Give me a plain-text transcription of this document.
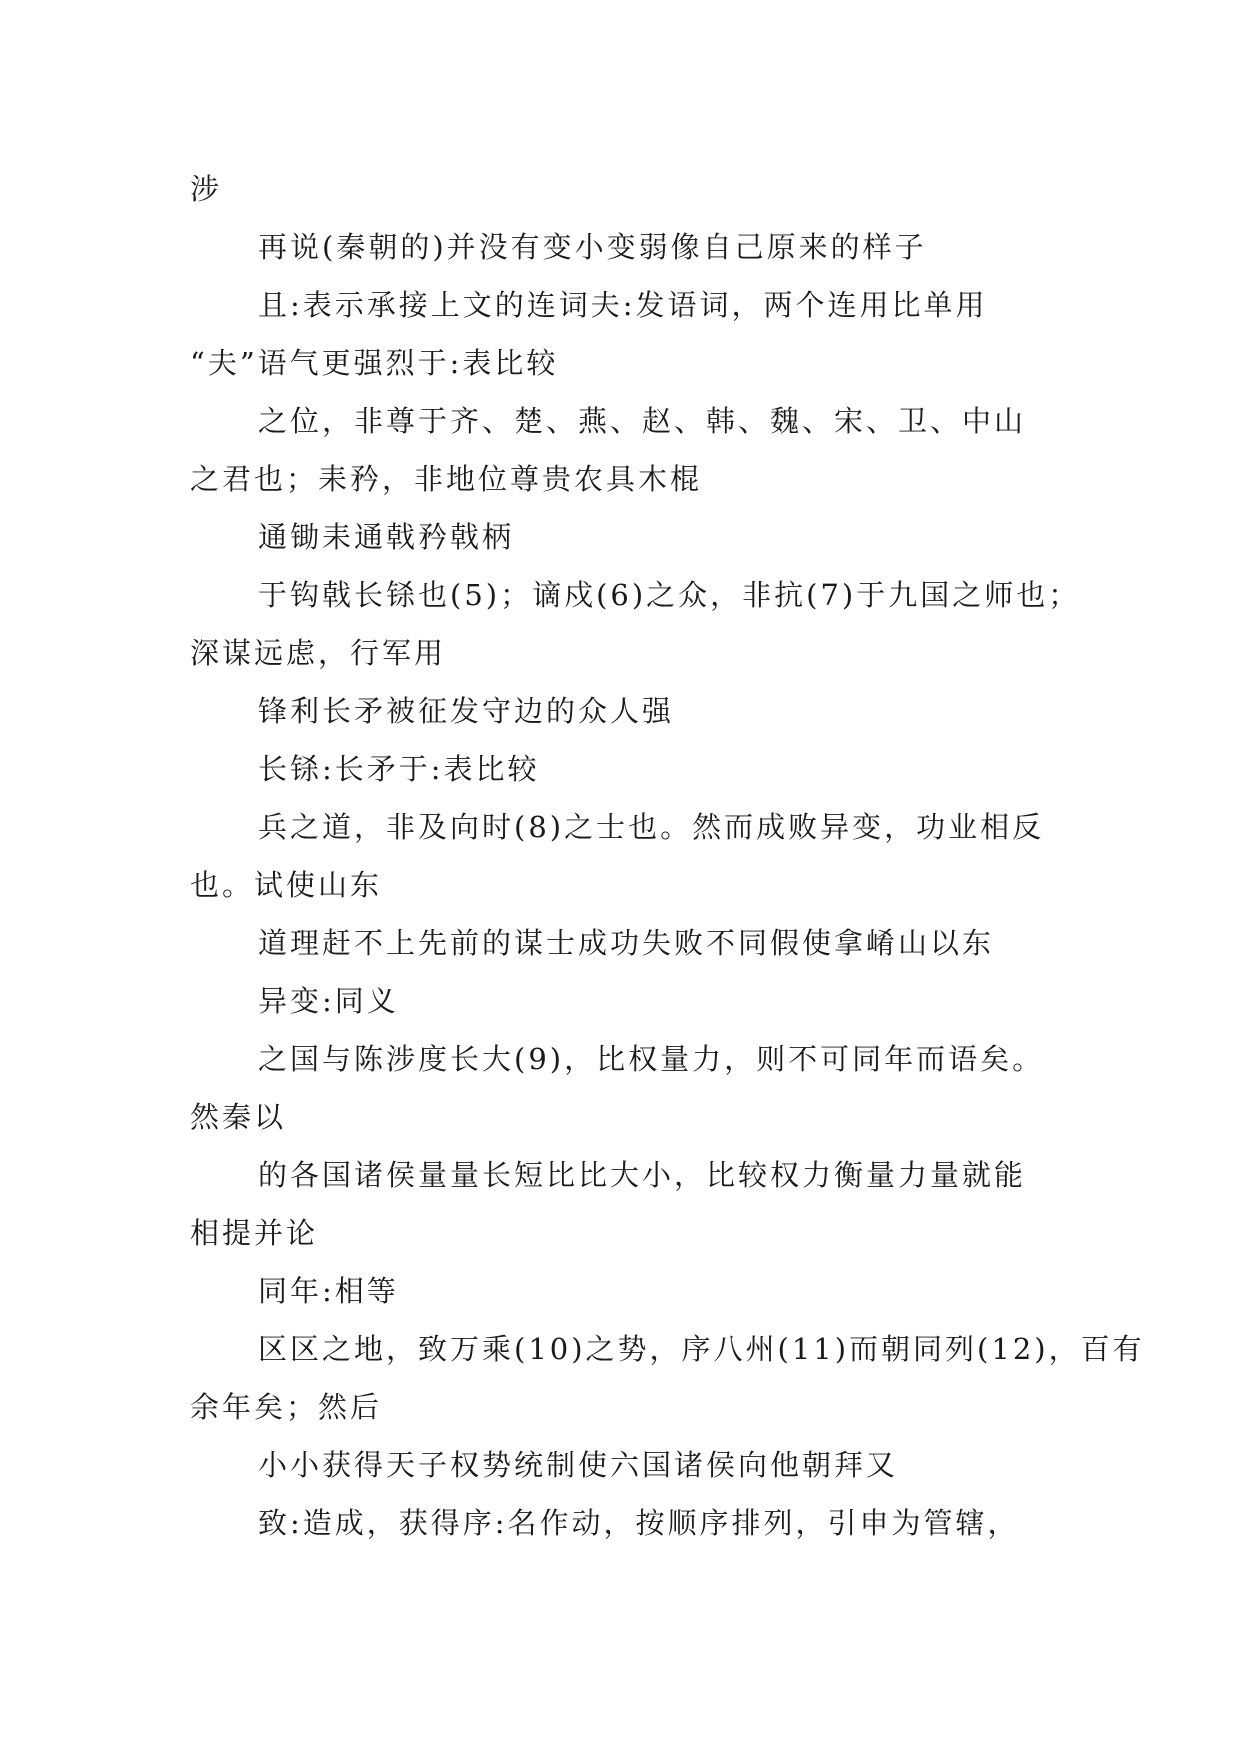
涉

再说(秦朝的)并没有变小变弱像自己原来的样子

且:表示承接上文的连词夫:发语词，两个连用比单用

“夫”语气更强烈于:表比较

之位，非尊于齐、楚、燕、赵、韩、魏、宋、卫、中山

之君也；耒矜，非地位尊贵农具木棍

通锄耒通戟矜戟柄

于钩戟长铩也(5)；谪戍(6)之众，非抗(7)于九国之师也；

深谋远虑，行军用

锋利长矛被征发守边的众人强

长铩:长矛于:表比较

兵之道，非及向时(8)之士也。然而成败异变，功业相反

也。试使山东

道理赶不上先前的谋士成功失败不同假使拿崤山以东

异变:同义

之国与陈涉度长大(9)，比权量力，则不可同年而语矣。

然秦以

的各国诸侯量量长短比比大小，比较权力衡量力量就能

相提并论

同年:相等

区区之地，致万乘(10)之势，序八州(11)而朝同列(12)，百有

余年矣；然后

小小获得天子权势统制使六国诸侯向他朝拜又

致:造成，获得序:名作动，按顺序排列，引申为管辖，
